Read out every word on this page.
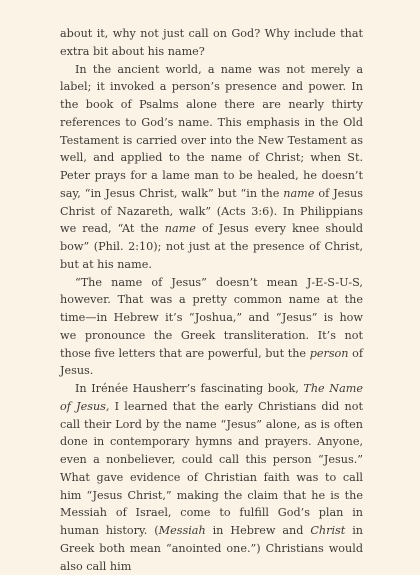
about it, why not just call on God? Why include that extra bit about his name?

In the ancient world, a name was not merely a label; it invoked a person’s presence and power. In the book of Psalms alone there are nearly thirty references to God’s name. This emphasis in the Old Testament is carried over into the New Testament as well, and applied to the name of Christ; when St. Peter prays for a lame man to be healed, he doesn’t say, “in Jesus Christ, walk” but “in the name of Jesus Christ of Nazareth, walk” (Acts 3:6). In Philippians we read, “At the name of Jesus every knee should bow” (Phil. 2:10); not just at the presence of Christ, but at his name.

“The name of Jesus” doesn’t mean J-E-S-U-S, however. That was a pretty common name at the time—in Hebrew it’s “Joshua,” and “Jesus” is how we pronounce the Greek transliteration. It’s not those five letters that are powerful, but the person of Jesus.

In Irénée Hausherr’s fascinating book, The Name of Jesus, I learned that the early Christians did not call their Lord by the name “Jesus” alone, as is often done in contemporary hymns and prayers. Anyone, even a nonbeliever, could call this person “Jesus.” What gave evidence of Christian faith was to call him “Jesus Christ,” making the claim that he is the Messiah of Israel, come to fulfill God’s plan in human history. (Messiah in Hebrew and Christ in Greek both mean “anointed one.”) Christians would also call him
